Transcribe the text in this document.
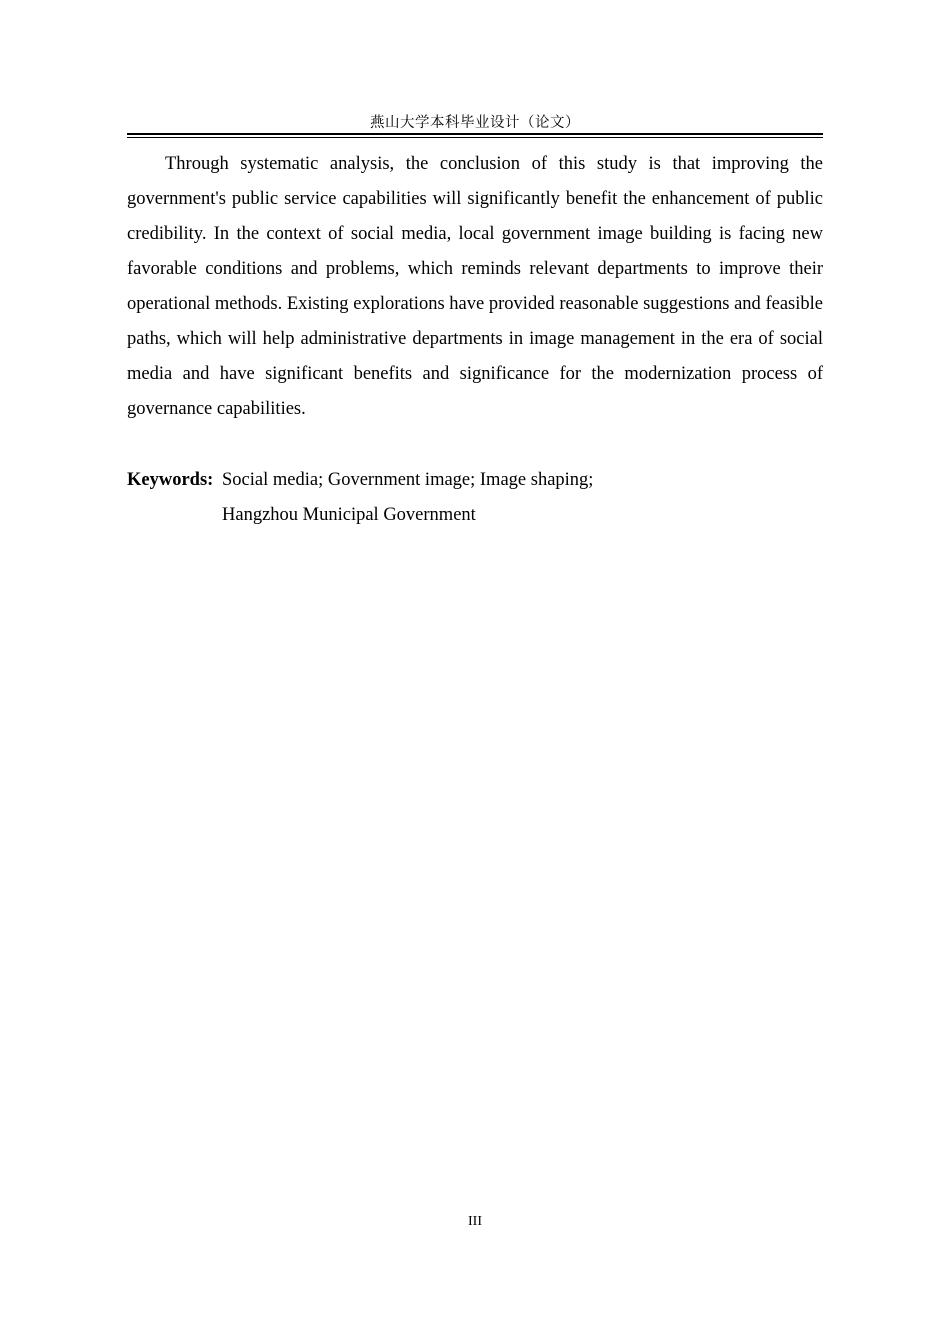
燕山大学本科毕业设计（论文）

Through systematic analysis, the conclusion of this study is that improving the government's public service capabilities will significantly benefit the enhancement of public credibility. In the context of social media, local government image building is facing new favorable conditions and problems, which reminds relevant departments to improve their operational methods. Existing explorations have provided reasonable suggestions and feasible paths, which will help administrative departments in image management in the era of social media and have significant benefits and significance for the modernization process of governance capabilities.

Keywords: Social media; Government image; Image shaping;
Hangzhou Municipal Government
III
